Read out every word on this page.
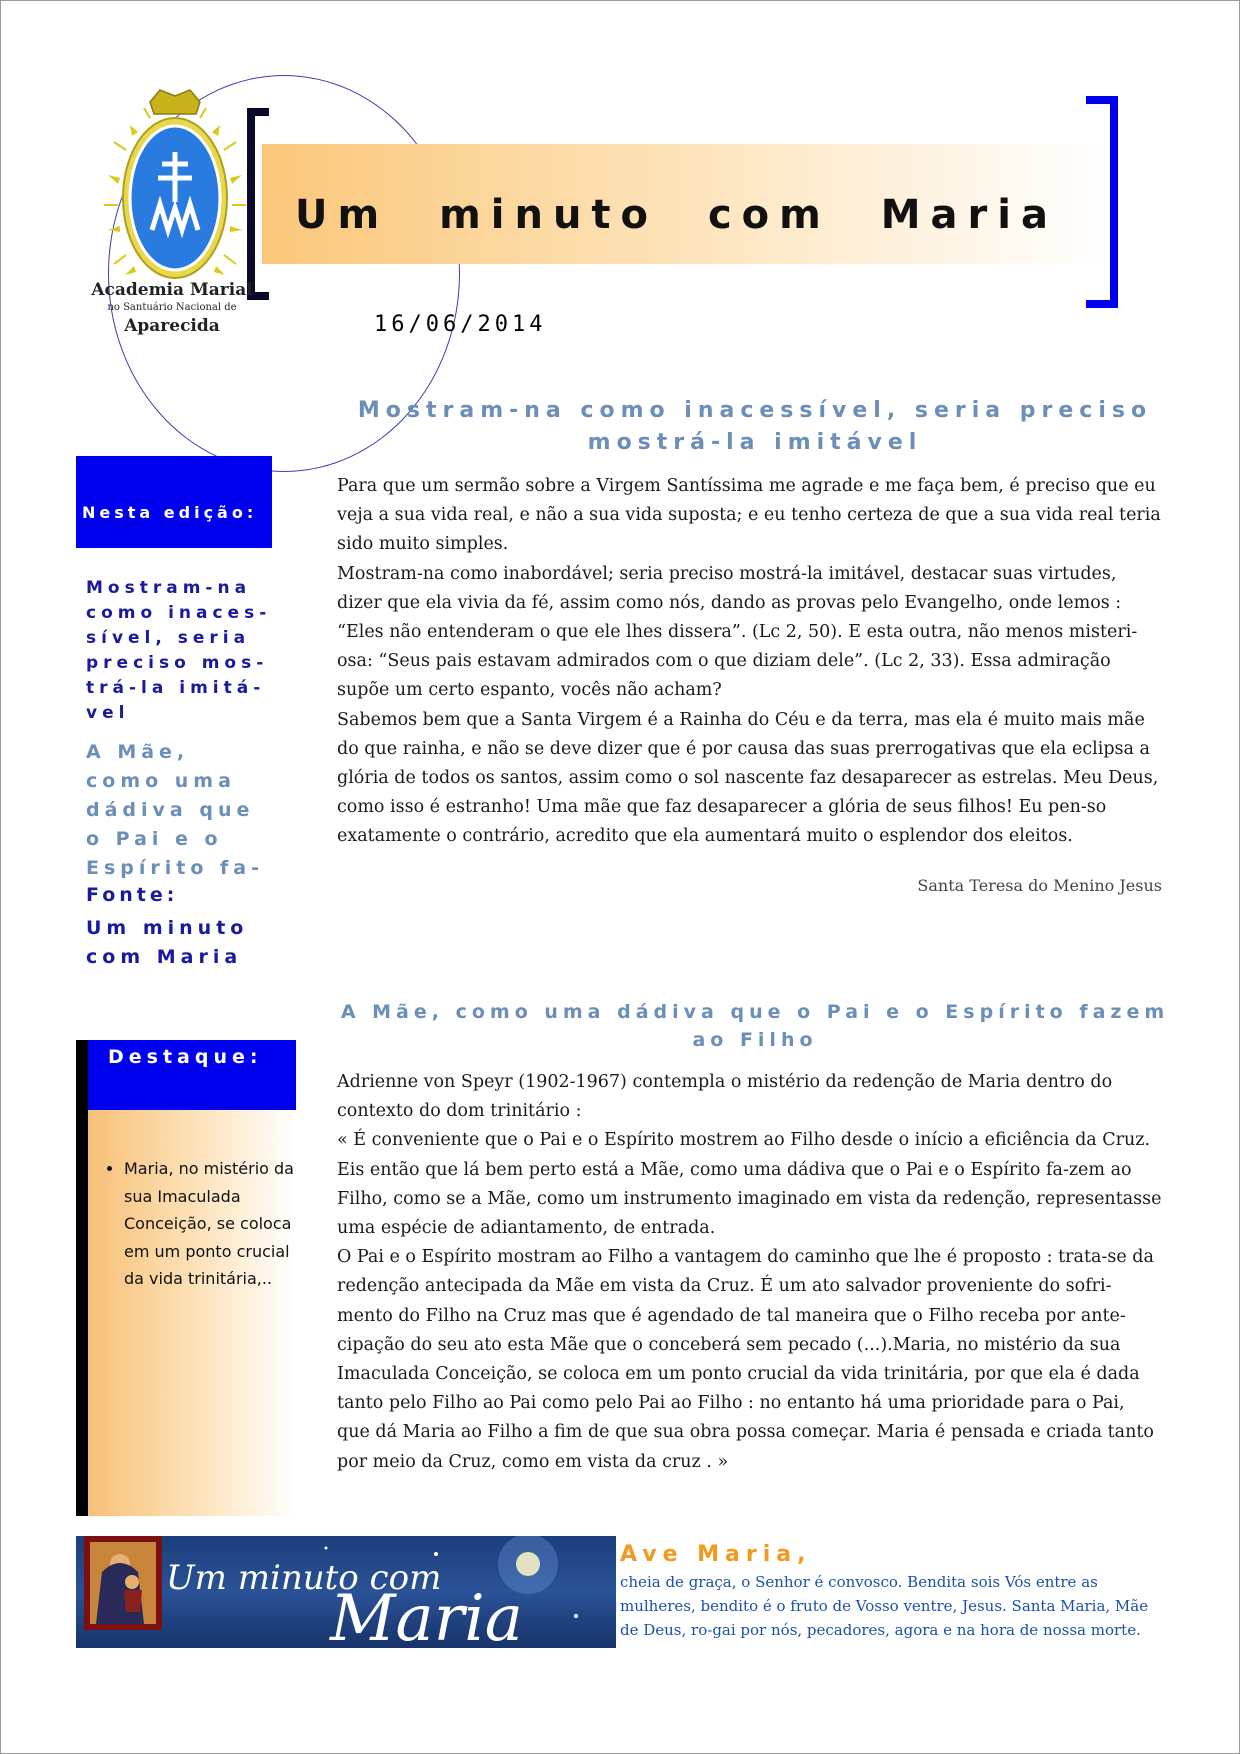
Um minuto com Maria
16/06/2014
Academia Marial
no Santuário Nacional de
Aparecida
Nesta edição:
Mostram-na como inaces-sível, seria preciso mos-trá-la imitá-vel
A Mãe, como uma dádiva que o Pai e o Espírito fa-
Fonte:
Um minuto com Maria
Destaque:
• Maria, no mistério da sua Imaculada Conceição, se coloca em um ponto crucial da vida trinitária,..
Mostram-na como inacessível, seria preciso mostrá-la imitável

Para que um sermão sobre a Virgem Santíssima me agrade e me faça bem, é preciso que eu veja a sua vida real, e não a sua vida suposta; e eu tenho certeza de que a sua vida real teria sido muito simples.

Mostram-na como inabordável; seria preciso mostrá-la imitável, destacar suas virtudes, dizer que ela vivia da fé, assim como nós, dando as provas pelo Evangelho, onde lemos : “Eles não entenderam o que ele lhes dissera”. (Lc 2, 50). E esta outra, não menos misteri-osa: “Seus pais estavam admirados com o que diziam dele”. (Lc 2, 33). Essa admiração supõe um certo espanto, vocês não acham?

Sabemos bem que a Santa Virgem é a Rainha do Céu e da terra, mas ela é muito mais mãe do que rainha, e não se deve dizer que é por causa das suas prerrogativas que ela eclipsa a glória de todos os santos, assim como o sol nascente faz desaparecer as estrelas. Meu Deus, como isso é estranho! Uma mãe que faz desaparecer a glória de seus filhos! Eu pen-so exatamente o contrário, acredito que ela aumentará muito o esplendor dos eleitos.

Santa Teresa do Menino Jesus
A Mãe, como uma dádiva que o Pai e o Espírito fazem ao Filho

Adrienne von Speyr (1902-1967) contempla o mistério da redenção de Maria dentro do contexto do dom trinitário :

« É conveniente que o Pai e o Espírito mostrem ao Filho desde o início a eficiência da Cruz. Eis então que lá bem perto está a Mãe, como uma dádiva que o Pai e o Espírito fa-zem ao Filho, como se a Mãe, como um instrumento imaginado em vista da redenção, representasse uma espécie de adiantamento, de entrada.

O Pai e o Espírito mostram ao Filho a vantagem do caminho que lhe é proposto : trata-se da redenção antecipada da Mãe em vista da Cruz. É um ato salvador proveniente do sofri-mento do Filho na Cruz mas que é agendado de tal maneira que o Filho receba por ante-cipação do seu ato esta Mãe que o conceberá sem pecado (...).Maria, no mistério da sua Imaculada Conceição, se coloca em um ponto crucial da vida trinitária, por que ela é dada tanto pelo Filho ao Pai como pelo Pai ao Filho : no entanto há uma prioridade para o Pai, que dá Maria ao Filho a fim de que sua obra possa começar. Maria é pensada e criada tanto por meio da Cruz, como em vista da cruz . »

Um minuto com
Maria
Ave Maria,
cheia de graça, o Senhor é convosco. Bendita sois Vós entre as mulheres, bendito é o fruto de Vosso ventre, Jesus. Santa Maria, Mãe de Deus, ro-gai por nós, pecadores, agora e na hora de nossa morte.
